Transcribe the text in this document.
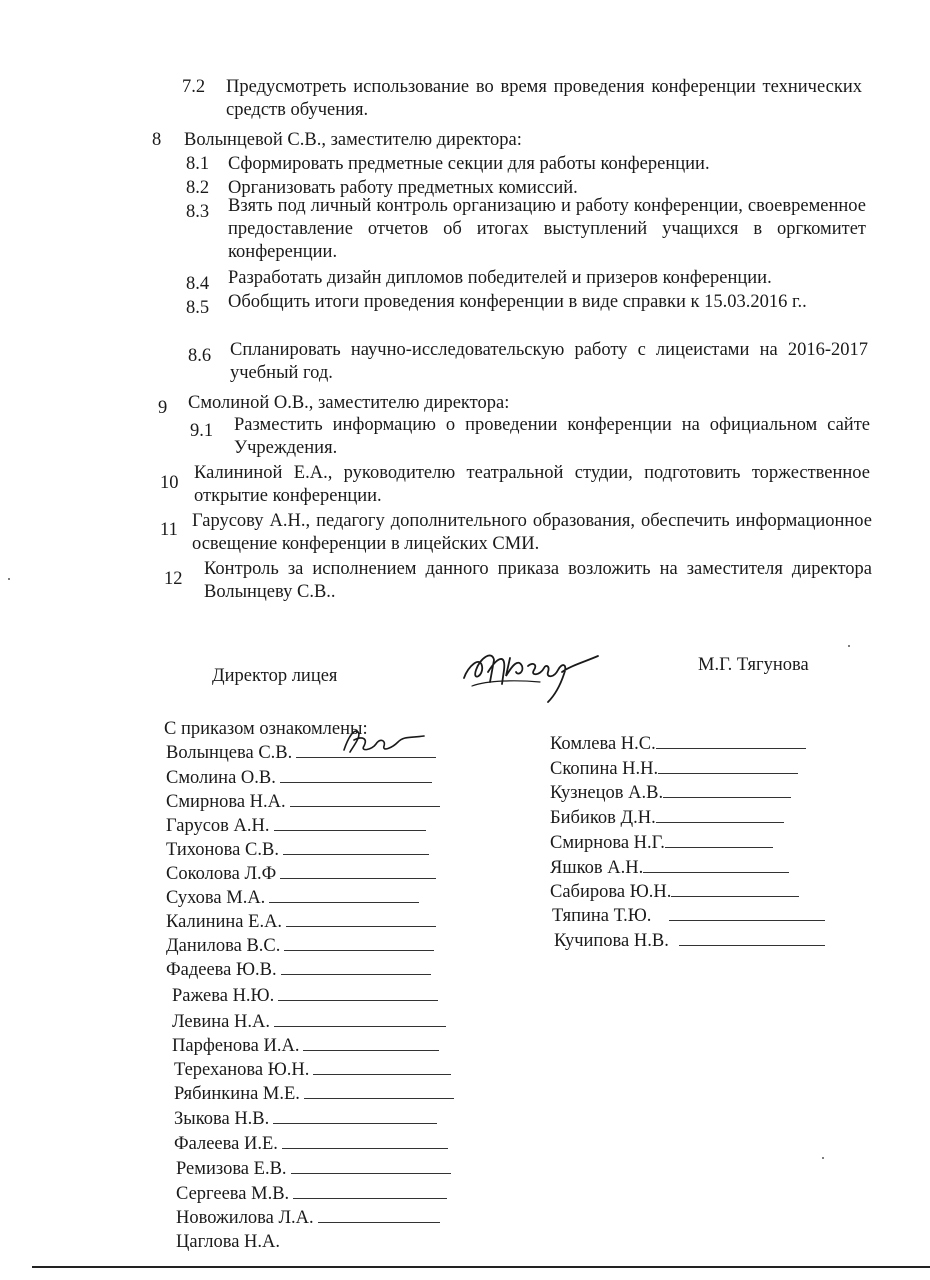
7.2 Предусмотреть использование во время проведения конференции технических средств обучения.
8 Волынцевой С.В., заместителю директора:
8.1 Сформировать предметные секции для работы конференции.
8.2 Организовать работу предметных комиссий.
8.3 Взять под личный контроль организацию и работу конференции, своевременное предоставление отчетов об итогах выступлений учащихся в оргкомитет конференции.
8.4 Разработать дизайн дипломов победителей и призеров конференции.
8.5 Обобщить итоги проведения конференции в виде справки к 15.03.2016 г..
8.6 Спланировать научно-исследовательскую работу с лицеистами на 2016-2017 учебный год.
9 Смолиной О.В., заместителю директора:
9.1 Разместить информацию о проведении конференции на официальном сайте Учреждения.
10 Калининой Е.А., руководителю театральной студии, подготовить торжественное открытие конференции.
11 Гарусову А.Н., педагогу дополнительного образования, обеспечить информационное освещение конференции в лицейских СМИ.
12 Контроль за исполнением данного приказа возложить на заместителя директора Волынцеву С.В..
Директор лицея
М.Г. Тягунова
С приказом ознакомлены:
Волынцева С.В.
Смолина О.В.
Смирнова Н.А.
Гарусов А.Н.
Тихонова С.В.
Соколова Л.Ф
Сухова М.А.
Калинина Е.А.
Данилова В.С.
Фадеева Ю.В.
Ражева Н.Ю.
Левина Н.А.
Парфенова И.А.
Тереханова Ю.Н.
Рябинкина М.Е.
Зыкова Н.В.
Фалеева И.Е.
Ремизова Е.В.
Сергеева М.В.
Новожилова Л.А.
Цаглова Н.А.
Комлева Н.С.
Скопина Н.Н.
Кузнецов А.В.
Бибиков Д.Н.
Смирнова Н.Г.
Яшков А.Н.
Сабирова Ю.Н.
Тяпина Т.Ю.
Кучипова Н.В.
